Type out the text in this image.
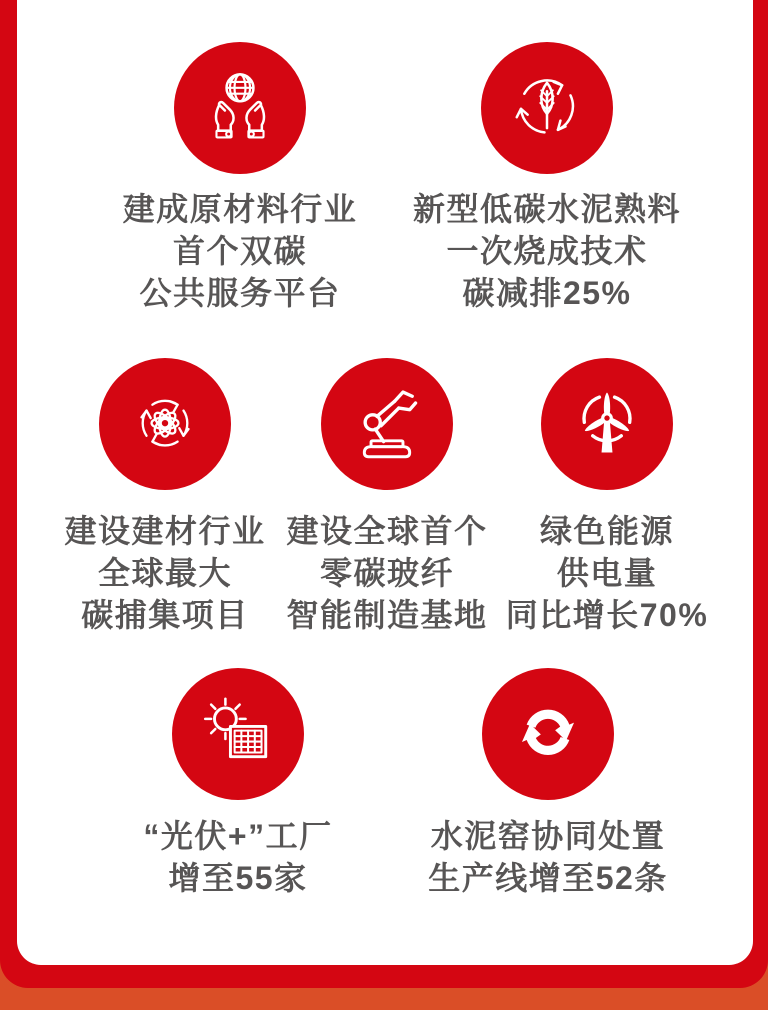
建成原材料行业
首个双碳
公共服务平台
新型低碳水泥熟料
一次烧成技术
碳减排25%
建设建材行业
全球最大
碳捕集项目
建设全球首个
零碳玻纤
智能制造基地
绿色能源
供电量
同比增长70%
“光伏+”工厂
增至55家
水泥窑协同处置
生产线增至52条
